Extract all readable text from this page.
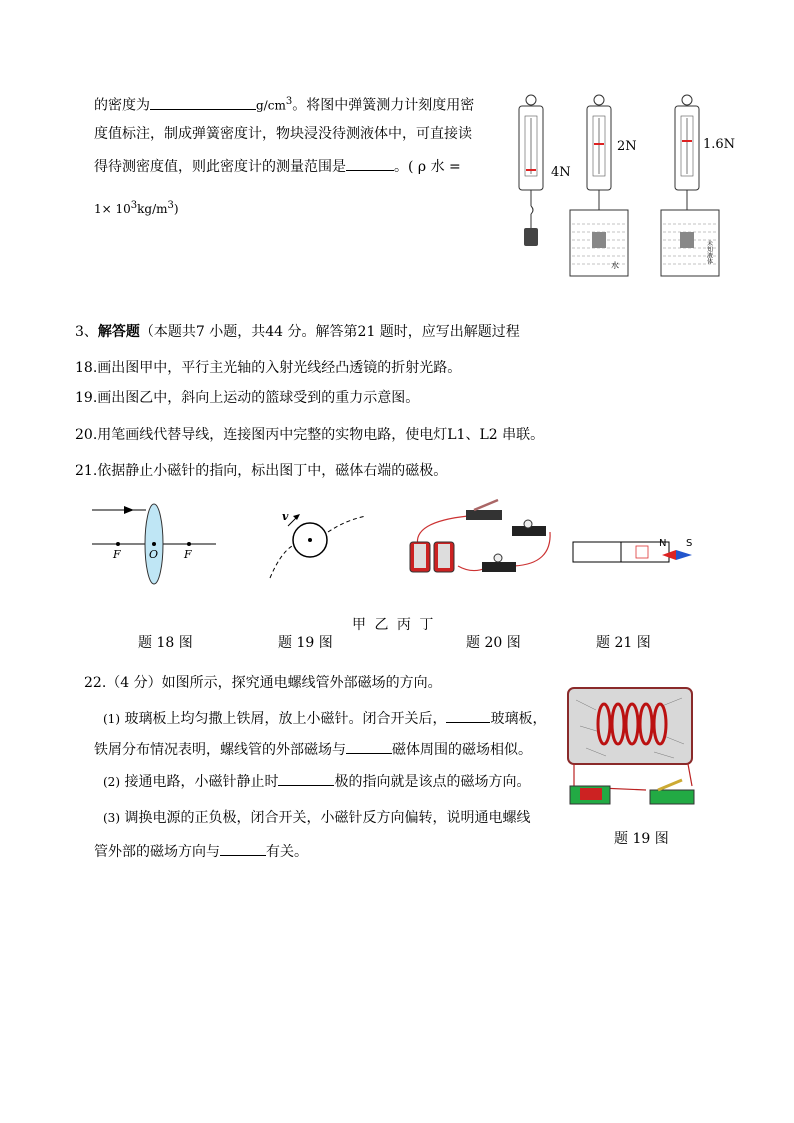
的密度为	$g/cm^3$。将图中弹簧测力计刻度用密
度值标注，制成弹簧密度计，物块浸没待测液体中，可直接读
得待测密度值，则此密度计的测量范围是	。( ρ 水 =
$1\times 10^3kg/m^3$)
4N
水
2N
未知液体
1.6N
3、解答题（本题共7 小题，共44 分。解答第21 题时，应写出解题过程
18.画出图甲中，平行主光轴的入射光线经凸透镜的折射光路。
19.画出图乙中，斜向上运动的篮球受到的重力示意图。
20.用笔画线代替导线，连接图丙中完整的实物电路，使电灯L1、L2 串联。
21.依据静止小磁针的指向，标出图丁中，磁体右端的磁极。
F	O F
v
N S
甲 乙 丙 丁
题 18 图	题 19 图	题 20 图	题 21 图
22.（4 分）如图所示，探究通电螺线管外部磁场的方向。
(1) 玻璃板上均匀撒上铁屑，放上小磁针。闭合开关后，	玻璃板，
铁屑分布情况表明，螺线管的外部磁场与	磁体周围的磁场相似。
(2) 接通电路，小磁针静止时	极的指向就是该点的磁场方向。
(3) 调换电源的正负极，闭合开关，小磁针反方向偏转，说明通电螺线
管外部的磁场方向与	有关。
题 19 图
